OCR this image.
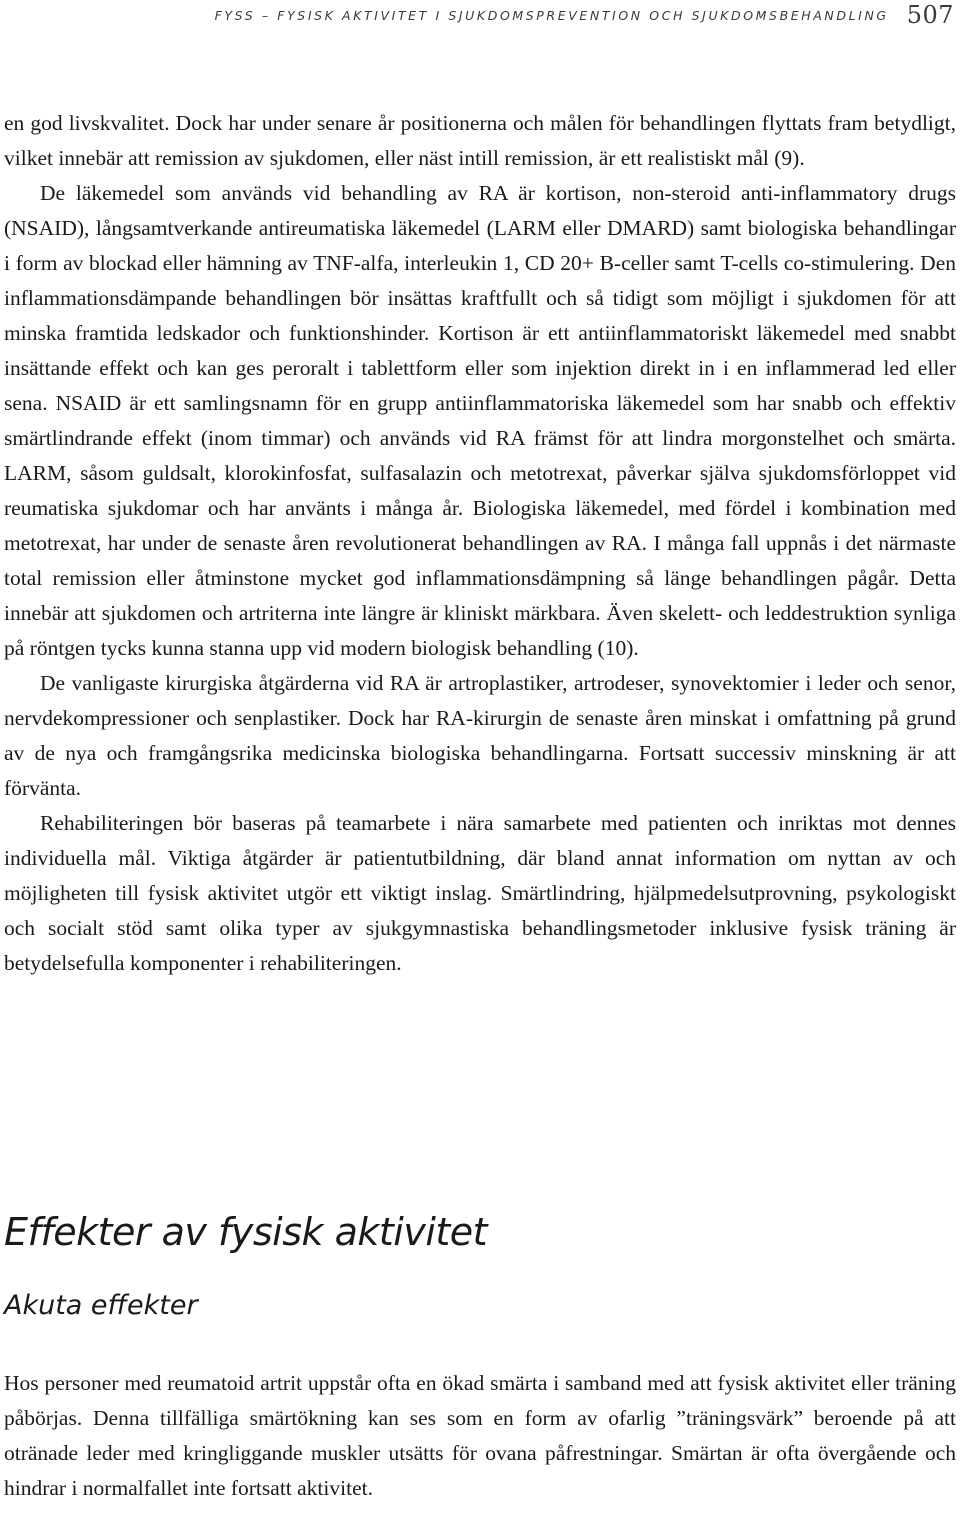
FYSS – FYSISK AKTIVITET I SJUKDOMSPREVENTION OCH SJUKDOMSBEHANDLING 507

en god livskvalitet. Dock har under senare år positionerna och målen för behandlingen flyttats fram betydligt, vilket innebär att remission av sjukdomen, eller näst intill remission, är ett realistiskt mål (9).

De läkemedel som används vid behandling av RA är kortison, non-steroid anti-inflammatory drugs (NSAID), långsamtverkande antireumatiska läkemedel (LARM eller DMARD) samt biologiska behandlingar i form av blockad eller hämning av TNF-alfa, interleukin 1, CD 20+ B-celler samt T-cells co-stimulering. Den inflammationsdämpande behandlingen bör insättas kraftfullt och så tidigt som möjligt i sjukdomen för att minska framtida ledskador och funktionshinder. Kortison är ett antiinflammatoriskt läkemedel med snabbt insättande effekt och kan ges peroralt i tablettform eller som injektion direkt in i en inflammerad led eller sena. NSAID är ett samlingsnamn för en grupp antiinflammatoriska läkemedel som har snabb och effektiv smärtlindrande effekt (inom timmar) och används vid RA främst för att lindra morgonstelhet och smärta. LARM, såsom guldsalt, klorokinfosfat, sulfasalazin och metotrexat, påverkar själva sjukdomsförloppet vid reumatiska sjukdomar och har använts i många år. Biologiska läkemedel, med fördel i kombination med metotrexat, har under de senaste åren revolutionerat behandlingen av RA. I många fall uppnås i det närmaste total remission eller åtminstone mycket god inflammationsdämpning så länge behandlingen pågår. Detta innebär att sjukdomen och artriterna inte längre är kliniskt märkbara. Även skelett- och leddestruktion synliga på röntgen tycks kunna stanna upp vid modern biologisk behandling (10).

De vanligaste kirurgiska åtgärderna vid RA är artroplastiker, artrodeser, synovektomier i leder och senor, nervdekompressioner och senplastiker. Dock har RA-kirurgin de senaste åren minskat i omfattning på grund av de nya och framgångsrika medicinska biologiska behandlingarna. Fortsatt successiv minskning är att förvänta.

Rehabiliteringen bör baseras på teamarbete i nära samarbete med patienten och inriktas mot dennes individuella mål. Viktiga åtgärder är patientutbildning, där bland annat information om nyttan av och möjligheten till fysisk aktivitet utgör ett viktigt inslag. Smärtlindring, hjälpmedelsutprovning, psykologiskt och socialt stöd samt olika typer av sjukgymnastiska behandlingsmetoder inklusive fysisk träning är betydelsefulla komponenter i rehabiliteringen.

Effekter av fysisk aktivitet
Akuta effekter

Hos personer med reumatoid artrit uppstår ofta en ökad smärta i samband med att fysisk aktivitet eller träning påbörjas. Denna tillfälliga smärtökning kan ses som en form av ofarlig ”träningsvärk” beroende på att otränade leder med kringliggande muskler utsätts för ovana påfrestningar. Smärtan är ofta övergående och hindrar i normalfallet inte fortsatt aktivitet.
